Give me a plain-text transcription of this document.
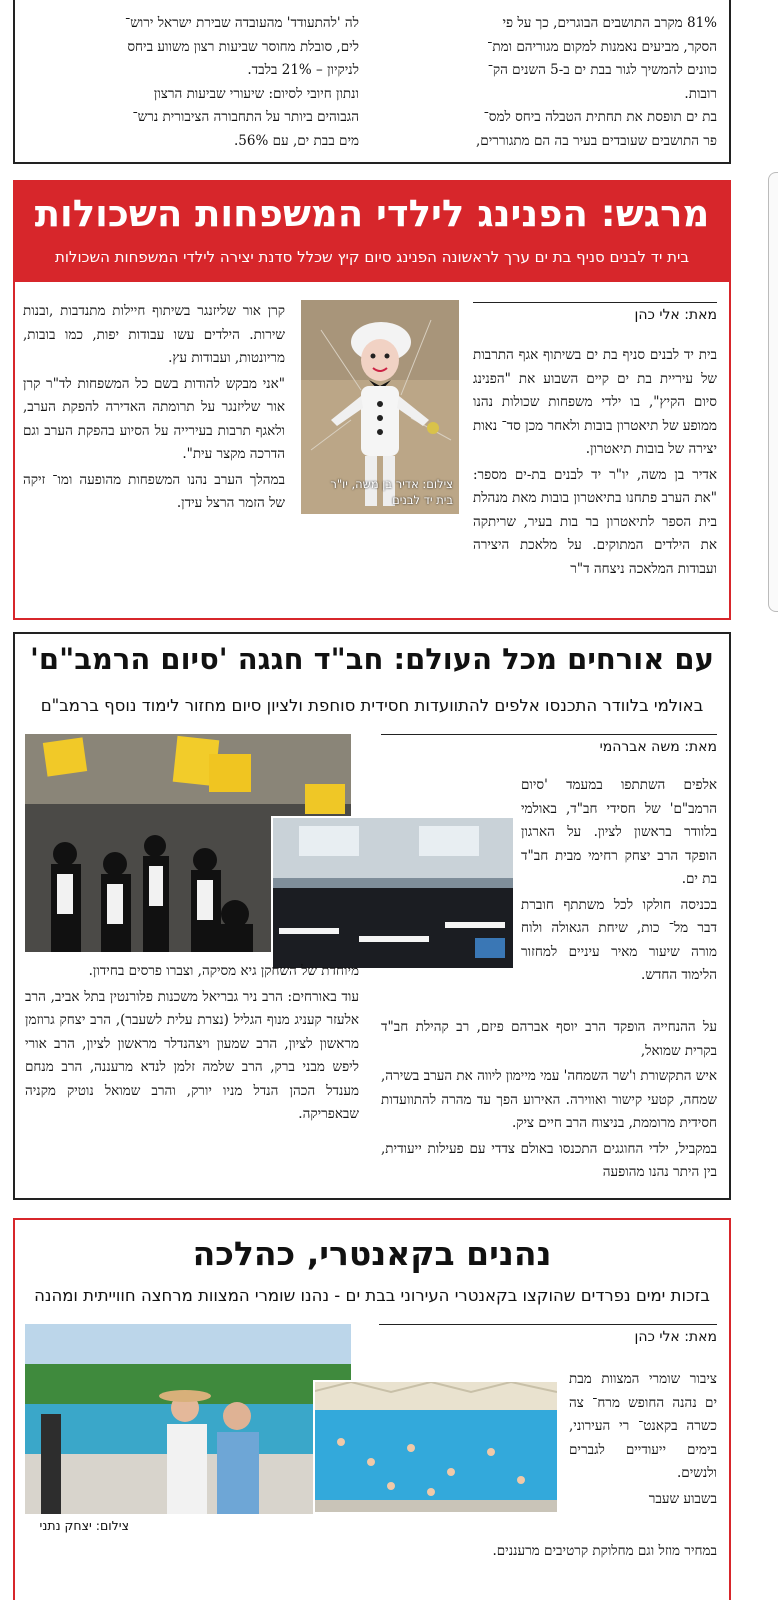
81% מקרב התושבים הבוגרים, כך על פי
הסקר, מביעים נאמנות למקום מגוריהם ומת־
כוונים להמשיך לגור בבת ים ב-5 השנים הק־
רובות.
בת ים תופסת את תחתית הטבלה ביחס למס־
פר התושבים שעובדים בעיר בה הם מתגוררים,
לה 'להתעודד' מהעובדה שבירת ישראל ירוש־
לים, סובלת מחוסר שביעות רצון משווע ביחס
לניקיון – 21% בלבד.
ונתון חיובי לסיום: שיעורי שביעות הרצון
הגבוהים ביותר על התחבורה הציבורית נרש־
מים בבת ים, עם 56%.
מרגש: הפנינג לילדי המשפחות השכולות
בית יד לבנים סניף בת ים ערך לראשונה הפנינג סיום קיץ שכלל סדנת יצירה לילדי המשפחות השכולות
מאת: אלי כהן

בית יד לבנים סניף בת ים בשיתוף אגף התרבות של עיריית בת ים קיים השבוע את "הפנינג סיום הקיץ", בו ילדי משפחות שכולות נהנו ממופע של תיאטרון בובות ולאחר מכן סד־ נאות יצירה של בובות תיאטרון.

אדיר בן משה, יו"ר יד לבנים בת-ים מספר: "את הערב פתחנו בתיאטרון בובות מאת מנהלת בית הספר לתיאטרון בר בות בעיר, שריתקה את הילדים המתוקים. על מלאכת היצירה ועבודות המלאכה ניצחה ד"ר

צילום: אדיר בן משה, יו"ר
בית יד לבנים

קרן אור שליזנגר בשיתוף חיילות מתנדבות ,ובנות שירות. הילדים עשו עבודות יפות, כמו בובות, מריונטות, ועבודות עץ.

"אני מבקש להודות בשם כל המשפחות לד"ר קרן אור שליזנגר על תרומתה האדירה להפקת הערב, ולאגף תרבות בעירייה על הסיוע בהפקת הערב וגם הדרכה מקצר עית".

במהלך הערב נהנו המשפחות מהופעה ומו־ זיקה של הזמר הרצל עידן.

עם אורחים מכל העולם: חב"ד חגגה 'סיום הרמב"ם'
באולמי בלוודר התכנסו אלפים להתוועדות חסידית סוחפת ולציון סיום מחזור לימוד נוסף ברמב"ם
מאת: משה אברהמי

אלפים השתתפו במעמד 'סיום הרמב"ם' של חסידי חב"ד, באולמי בלוודר בראשון לציון. על הארגון הופקד הרב יצחק רחימי מבית חב"ד בת ים.

בכניסה חולקו לכל משתתף חוברת דבר מל־ כות, שיחת הגאולה ולוח מורה שיעור מאיר עיניים למחזור הלימוד החדש.

על ההנחייה הופקד הרב יוסף אברהם פיזם, רב קהילת חב"ד בקרית שמואל,

איש התקשורת ו'שר השמחה' עמי מיימון ליווה את הערב בשירה, שמחה, קטעי קישור ואווירה. האירוע הפך עד מהרה להתוועדות חסידית מרוממת, בניצוח הרב חיים ציק.

במקביל, ילדי החוגגים התכנסו באולם צדדי עם פעילות ייעודית, בין היתר נהנו מהופעה

מיוחדת של השחקן גיא מסיקה, וצברו פרסים בחידון.

עוד באורחים: הרב ניר גבריאל משכנות פלורנטין בתל אביב, הרב אלעזר קעניג מנוף הגליל (נצרת עלית לשעבר), הרב יצחק גרוזמן מראשון לציון, הרב שמעון ויצהנדלר מראשון לציון, הרב אורי ליפש מבני ברק, הרב שלמה זלמן לנדא מרעננה, הרב מנחם מענדל הכהן הנדל מניו יורק, והרב שמואל נוטיק מקניה שבאפריקה.

נהנים בקאנטרי, כהלכה
בזכות ימים נפרדים שהוקצו בקאנטרי העירוני בבת ים - נהנו שומרי המצוות מרחצה חווייתית ומהנה
מאת: אלי כהן

ציבור שומרי המצוות מבת ים נהנה החופש מרח־ צה כשרה בקאנט־ רי העירוני, בימים ייעודיים לגברים ולנשים.

בשבוע שעבר

צילום: יצחק נתני
במחיר מוזל וגם מחלוקת קרטיבים מרעננים.
